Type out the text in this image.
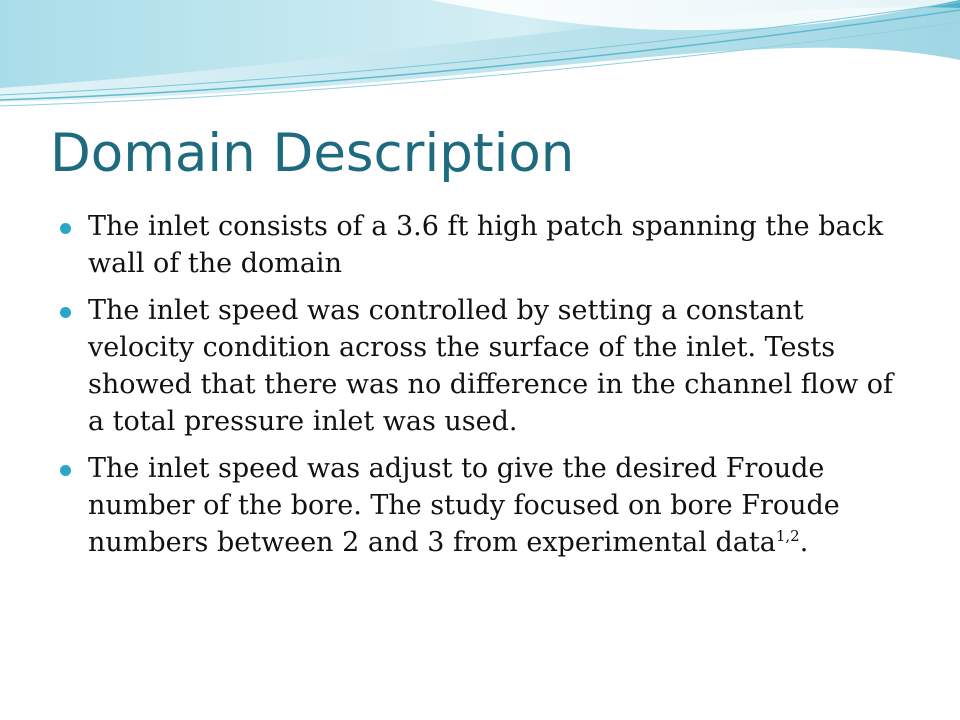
Domain Description
The inlet consists of a 3.6 ft high patch spanning the back wall of the domain
The inlet speed was controlled by setting a constant velocity condition across the surface of the inlet. Tests showed that there was no difference in the channel flow of a total pressure inlet was used.
The inlet speed was adjust to give the desired Froude number of the bore. The study focused on bore Froude numbers between 2 and 3 from experimental data$^{1,2}$.
